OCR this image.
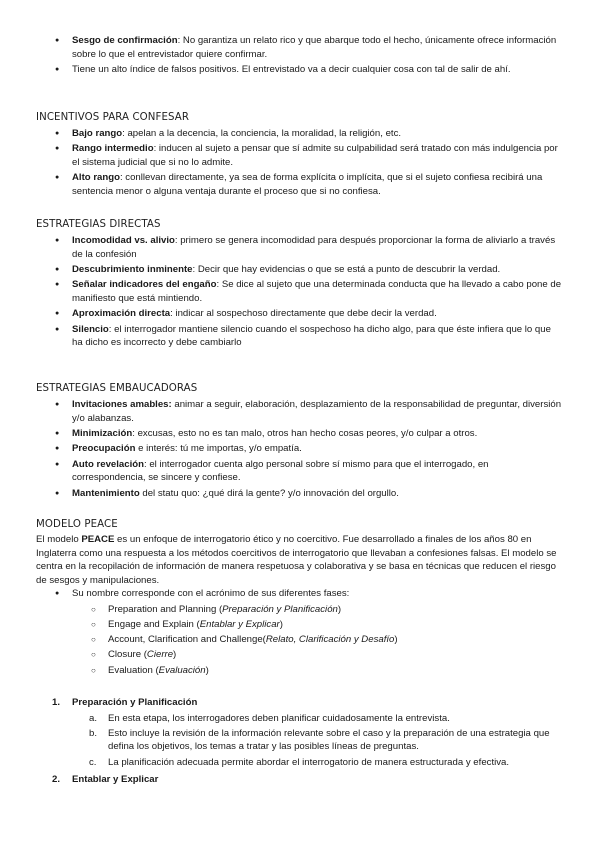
● Sesgo de confirmación: No garantiza un relato rico y que abarque todo el hecho, únicamente ofrece información sobre lo que el entrevistador quiere confirmar.
● Tiene un alto índice de falsos positivos. El entrevistado va a decir cualquier cosa con tal de salir de ahí.
INCENTIVOS PARA CONFESAR
● Bajo rango: apelan a la decencia, la conciencia, la moralidad, la religión, etc.
● Rango intermedio: inducen al sujeto a pensar que sí admite su culpabilidad será tratado con más indulgencia por el sistema judicial que si no lo admite.
● Alto rango: conllevan directamente, ya sea de forma explícita o implícita, que si el sujeto confiesa recibirá una sentencia menor o alguna ventaja durante el proceso que si no confiesa.
ESTRATEGIAS DIRECTAS
● Incomodidad vs. alivio: primero se genera incomodidad para después proporcionar la forma de aliviarlo a través de la confesión
● Descubrimiento inminente: Decir que hay evidencias o que se está a punto de descubrir la verdad.
● Señalar indicadores del engaño: Se dice al sujeto que una determinada conducta que ha llevado a cabo pone de manifiesto que está mintiendo.
● Aproximación directa: indicar al sospechoso directamente que debe decir la verdad.
● Silencio: el interrogador mantiene silencio cuando el sospechoso ha dicho algo, para que éste infiera que lo que ha dicho es incorrecto y debe cambiarlo
ESTRATEGIAS EMBAUCADORAS
● Invitaciones amables: animar a seguir, elaboración, desplazamiento de la responsabilidad de preguntar, diversión y/o alabanzas.
● Minimización: excusas, esto no es tan malo, otros han hecho cosas peores, y/o culpar a otros.
● Preocupación e interés: tú me importas, y/o empatía.
● Auto revelación: el interrogador cuenta algo personal sobre sí mismo para que el interrogado, en correspondencia, se sincere y confiese.
● Mantenimiento del statu quo: ¿qué dirá la gente? y/o innovación del orgullo.
MODELO PEACE

El modelo PEACE es un enfoque de interrogatorio ético y no coercitivo. Fue desarrollado a finales de los años 80 en Inglaterra como una respuesta a los métodos coercitivos de interrogatorio que llevaban a confesiones falsas. El modelo se centra en la recopilación de información de manera respetuosa y colaborativa y se basa en técnicas que reducen el riesgo de sesgos y manipulaciones.

● Su nombre corresponde con el acrónimo de sus diferentes fases:
○ Preparation and Planning (Preparación y Planificación)
○ Engage and Explain (Entablar y Explicar)
○ Account, Clarification and Challenge(Relato, Clarificación y Desafío)
○ Closure (Cierre)
○ Evaluation (Evaluación)
1. Preparación y Planificación
a. En esta etapa, los interrogadores deben planificar cuidadosamente la entrevista.
b. Esto incluye la revisión de la información relevante sobre el caso y la preparación de una estrategia que defina los objetivos, los temas a tratar y las posibles líneas de preguntas.
c. La planificación adecuada permite abordar el interrogatorio de manera estructurada y efectiva.
2. Entablar y Explicar
